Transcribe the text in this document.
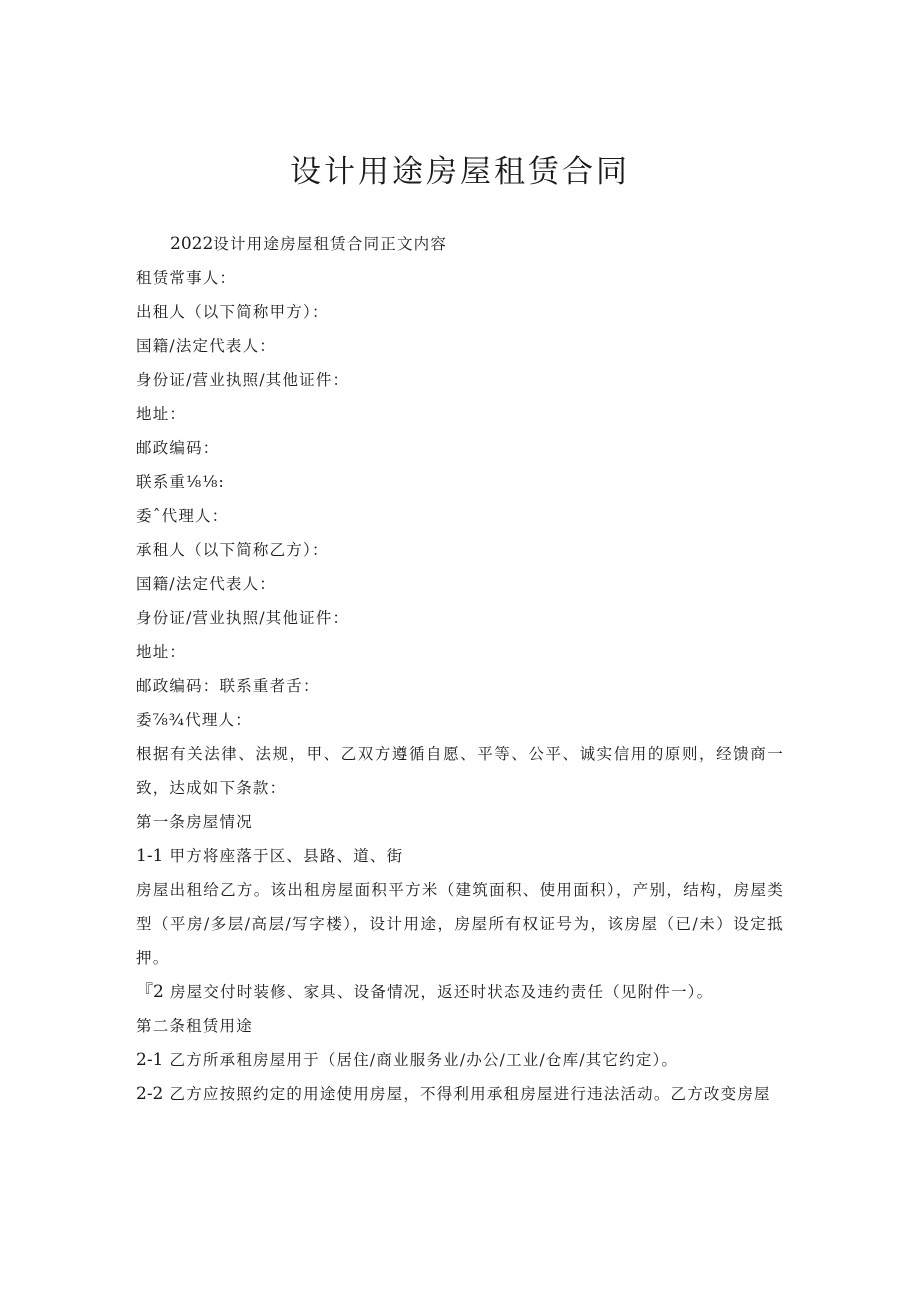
设计用途房屋租赁合同
2022设计用途房屋租赁合同正文内容
租赁常事人：
出租人（以下简称甲方）：
国籍/法定代表人：
身份证/营业执照/其他证件：
地址：
邮政编码：
联系重⅛⅛:
委ˆ代理人：
承租人（以下简称乙方）：
国籍/法定代表人：
身份证/营业执照/其他证件：
地址：
邮政编码：联系重者舌：
委⅞¾代理人：
根据有关法律、法规，甲、乙双方遵循自愿、平等、公平、诚实信用的原则，经馈商一致，达成如下条款：
第一条房屋情况
1-1 甲方将座落于区、县路、道、街
房屋出租给乙方。该出租房屋面积平方米（建筑面积、使用面积），产别，结构，房屋类型（平房/多层/高层/写字楼），设计用途，房屋所有权证号为，该房屋（已/未）设定抵押。
『2 房屋交付时装修、家具、设备情况，返还时状态及违约责任（见附件一）。
第二条租赁用途
2-1 乙方所承租房屋用于（居住/商业服务业/办公/工业/仓库/其它约定）。
2-2 乙方应按照约定的用途使用房屋，不得利用承租房屋进行违法活动。乙方改变房屋
